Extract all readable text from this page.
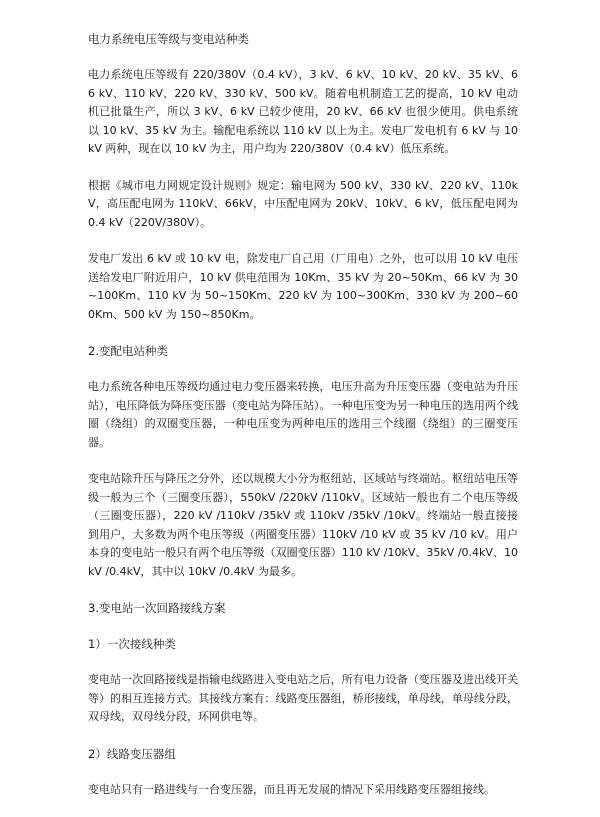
电力系统电压等级与变电站种类

电力系统电压等级有 220/380V（0.4 kV），3 kV、6 kV、10 kV、20 kV、35 kV、66 kV、110 kV、220 kV、330 kV、500 kV。随着电机制造工艺的提高，10 kV 电动机已批量生产，所以 3 kV、6 kV 已较少使用，20 kV、66 kV 也很少使用。供电系统以 10 kV、35 kV 为主。输配电系统以 110 kV 以上为主。发电厂发电机有 6 kV 与 10 kV 两种，现在以 10 kV 为主，用户均为 220/380V（0.4 kV）低压系统。

根据《城市电力网规定设计规则》规定：输电网为 500 kV、330 kV、220 kV、110kV，高压配电网为 110kV、66kV，中压配电网为 20kV、10kV、6 kV，低压配电网为 0.4 kV（220V/380V）。

发电厂发出 6 kV 或 10 kV 电，除发电厂自己用（厂用电）之外，也可以用 10 kV 电压送给发电厂附近用户，10 kV 供电范围为 10Km、35 kV 为 20~50Km、66 kV 为 30~100Km、110 kV 为 50~150Km、220 kV 为 100~300Km、330 kV 为 200~600Km、500 kV 为 150~850Km。

2.变配电站种类

电力系统各种电压等级均通过电力变压器来转换，电压升高为升压变压器（变电站为升压站），电压降低为降压变压器（变电站为降压站）。一种电压变为另一种电压的选用两个线圈（绕组）的双圈变压器，一种电压变为两种电压的选用三个线圈（绕组）的三圈变压器。

变电站除升压与降压之分外，还以规模大小分为枢纽站，区域站与终端站。枢纽站电压等级一般为三个（三圈变压器），550kV /220kV /110kV。区域站一般也有二个电压等级（三圈变压器），220 kV /110kV /35kV 或 110kV /35kV /10kV。终端站一般直接接到用户，大多数为两个电压等级（两圈变压器）110kV /10 kV 或 35 kV /10 kV。用户本身的变电站一般只有两个电压等级（双圈变压器）110 kV /10kV、35kV /0.4kV、10kV /0.4kV，其中以 10kV /0.4kV 为最多。

3.变电站一次回路接线方案
1）一次接线种类

变电站一次回路接线是指输电线路进入变电站之后，所有电力设备（变压器及进出线开关等）的相互连接方式。其接线方案有：线路变压器组，桥形接线，单母线，单母线分段，双母线，双母线分段，环网供电等。

2）线路变压器组

变电站只有一路进线与一台变压器，而且再无发展的情况下采用线路变压器组接线。
